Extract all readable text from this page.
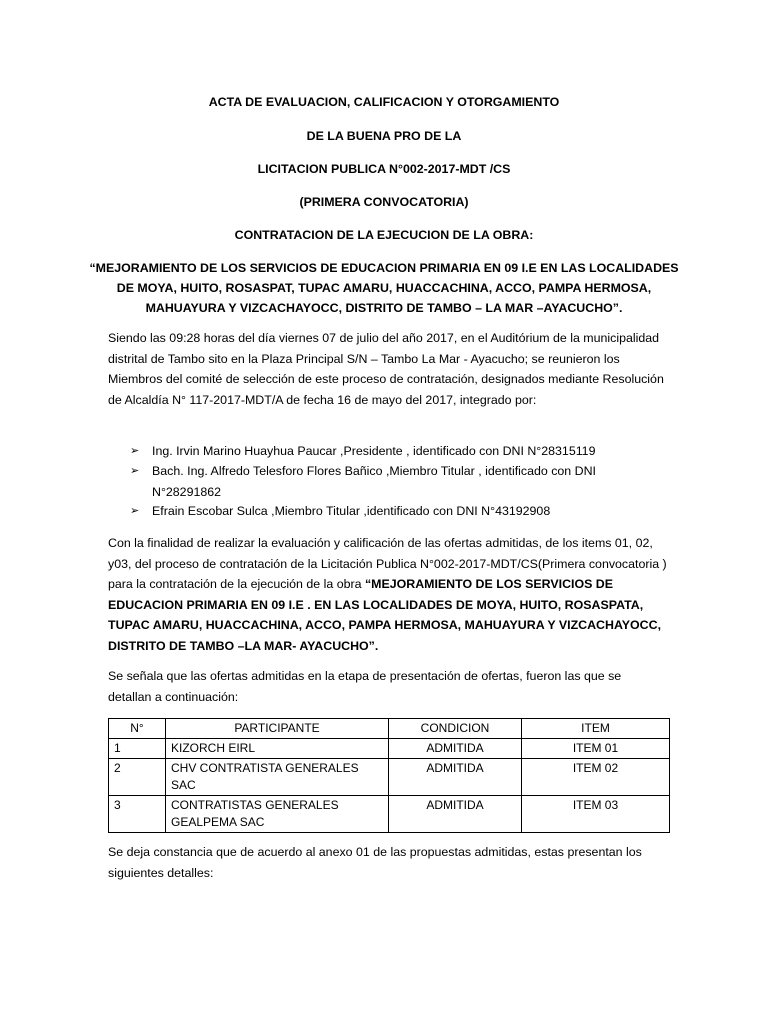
ACTA DE EVALUACION, CALIFICACION Y OTORGAMIENTO
DE LA BUENA PRO DE LA
LICITACION PUBLICA N°002-2017-MDT /CS
(PRIMERA CONVOCATORIA)
CONTRATACION DE LA EJECUCION DE LA OBRA:
“MEJORAMIENTO DE LOS SERVICIOS DE EDUCACION PRIMARIA EN 09 I.E EN LAS LOCALIDADES
DE MOYA, HUITO, ROSASPAT, TUPAC AMARU, HUACCACHINA, ACCO, PAMPA HERMOSA,
MAHUAYURA Y VIZCACHAYOCC, DISTRITO DE TAMBO – LA MAR –AYACUCHO”.
Siendo las 09:28 horas del día viernes 07 de julio del año 2017, en el Auditórium de la municipalidad distrital de Tambo sito en la Plaza Principal S/N – Tambo La Mar - Ayacucho; se reunieron los Miembros del comité de selección de este proceso de contratación, designados mediante Resolución de Alcaldía N° 117-2017-MDT/A de fecha 16 de mayo del 2017, integrado por:
➢ Ing. Irvin Marino Huayhua Paucar ,Presidente , identificado con DNI N°28315119
➢ Bach. Ing. Alfredo Telesforo Flores Bañico ,Miembro Titular , identificado con DNI N°28291862
➢ Efrain Escobar Sulca ,Miembro Titular ,identificado con DNI N°43192908
Con la finalidad de realizar la evaluación y calificación de las ofertas admitidas, de los items 01, 02, y03, del proceso de contratación de la Licitación Publica N°002-2017-MDT/CS(Primera convocatoria ) para la contratación de la ejecución de la obra “MEJORAMIENTO DE LOS SERVICIOS DE EDUCACION PRIMARIA EN 09 I.E . EN LAS LOCALIDADES DE MOYA, HUITO, ROSASPATA, TUPAC AMARU, HUACCACHINA, ACCO, PAMPA HERMOSA, MAHUAYURA Y VIZCACHAYOCC, DISTRITO DE TAMBO –LA MAR- AYACUCHO”.
Se señala que las ofertas admitidas en la etapa de presentación de ofertas, fueron las que se detallan a continuación:
N°	PARTICIPANTE	CONDICION	ITEM
1	KIZORCH EIRL	ADMITIDA	ITEM 01
2	CHV CONTRATISTA GENERALES SAC	ADMITIDA	ITEM 02
3	CONTRATISTAS GENERALES GEALPEMA SAC	ADMITIDA	ITEM 03
Se deja constancia que de acuerdo al anexo 01 de las propuestas admitidas, estas presentan los siguientes detalles:
